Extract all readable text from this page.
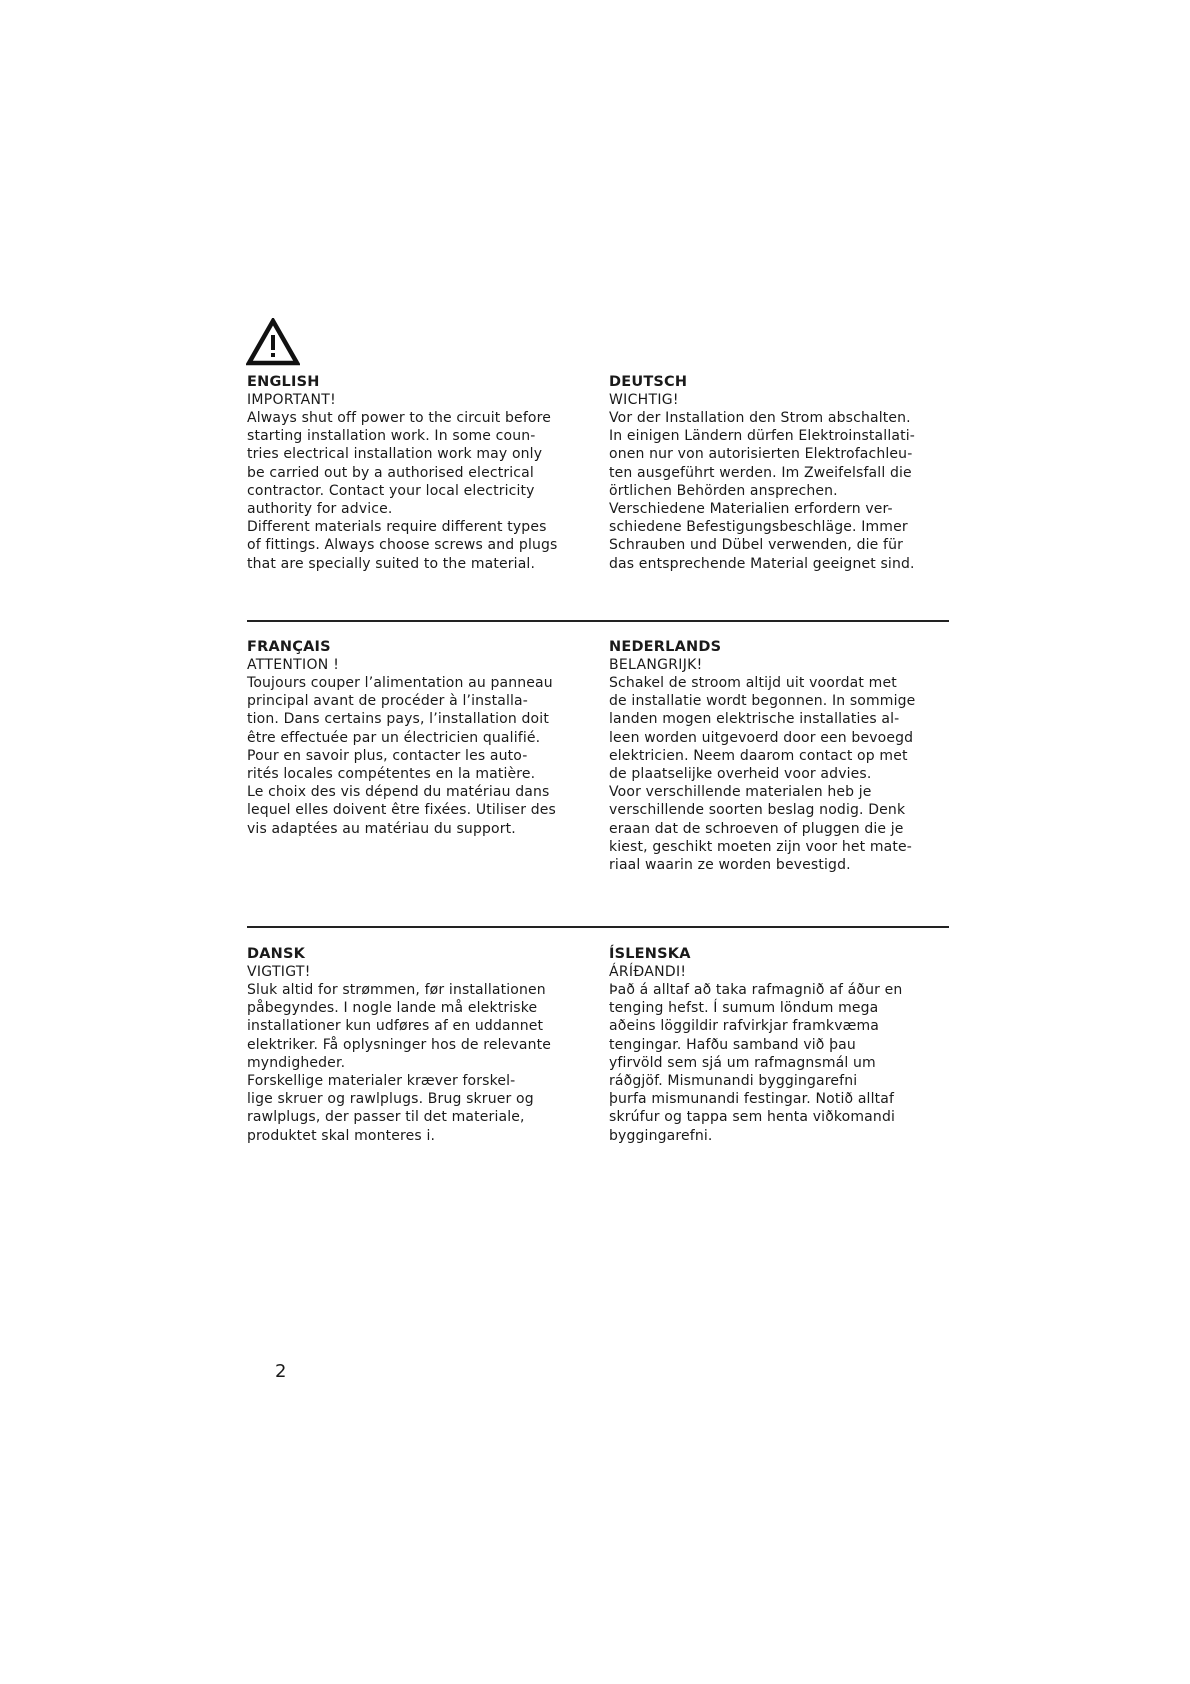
ENGLISH
IMPORTANT!
Always shut off power to the circuit before
starting installation work. In some coun-
tries electrical installation work may only
be carried out by a authorised electrical
contractor. Contact your local electricity
authority for advice.
Different materials require different types
of fittings. Always choose screws and plugs
that are specially suited to the material.
DEUTSCH
WICHTIG!
Vor der Installation den Strom abschalten.
In einigen Ländern dürfen Elektroinstallati-
onen nur von autorisierten Elektrofachleu-
ten ausgeführt werden. Im Zweifelsfall die
örtlichen Behörden ansprechen.
Verschiedene Materialien erfordern ver-
schiedene Befestigungsbeschläge. Immer
Schrauben und Dübel verwenden, die für
das entsprechende Material geeignet sind.
FRANÇAIS
ATTENTION !
Toujours couper l’alimentation au panneau
principal avant de procéder à l’installa-
tion. Dans certains pays, l’installation doit
être effectuée par un électricien qualifié.
Pour en savoir plus, contacter les auto-
rités locales compétentes en la matière.
Le choix des vis dépend du matériau dans
lequel elles doivent être fixées. Utiliser des
vis adaptées au matériau du support.
NEDERLANDS
BELANGRIJK!
Schakel de stroom altijd uit voordat met
de installatie wordt begonnen. In sommige
landen mogen elektrische installaties al-
leen worden uitgevoerd door een bevoegd
elektricien. Neem daarom contact op met
de plaatselijke overheid voor advies.
Voor verschillende materialen heb je
verschillende soorten beslag nodig. Denk
eraan dat de schroeven of pluggen die je
kiest, geschikt moeten zijn voor het mate-
riaal waarin ze worden bevestigd.
DANSK
VIGTIGT!
Sluk altid for strømmen, før installationen
påbegyndes. I nogle lande må elektriske
installationer kun udføres af en uddannet
elektriker. Få oplysninger hos de relevante
myndigheder.
Forskellige materialer kræver forskel-
lige skruer og rawlplugs. Brug skruer og
rawlplugs, der passer til det materiale,
produktet skal monteres i.
ÍSLENSKA
ÁRÍÐANDI!
Það á alltaf að taka rafmagnið af áður en
tenging hefst. Í sumum löndum mega
aðeins löggildir rafvirkjar framkvæma
tengingar. Hafðu samband við þau
yfirvöld sem sjá um rafmagnsmál um
ráðgjöf. Mismunandi byggingarefni
þurfa mismunandi festingar. Notið alltaf
skrúfur og tappa sem henta viðkomandi
byggingarefni.
2
